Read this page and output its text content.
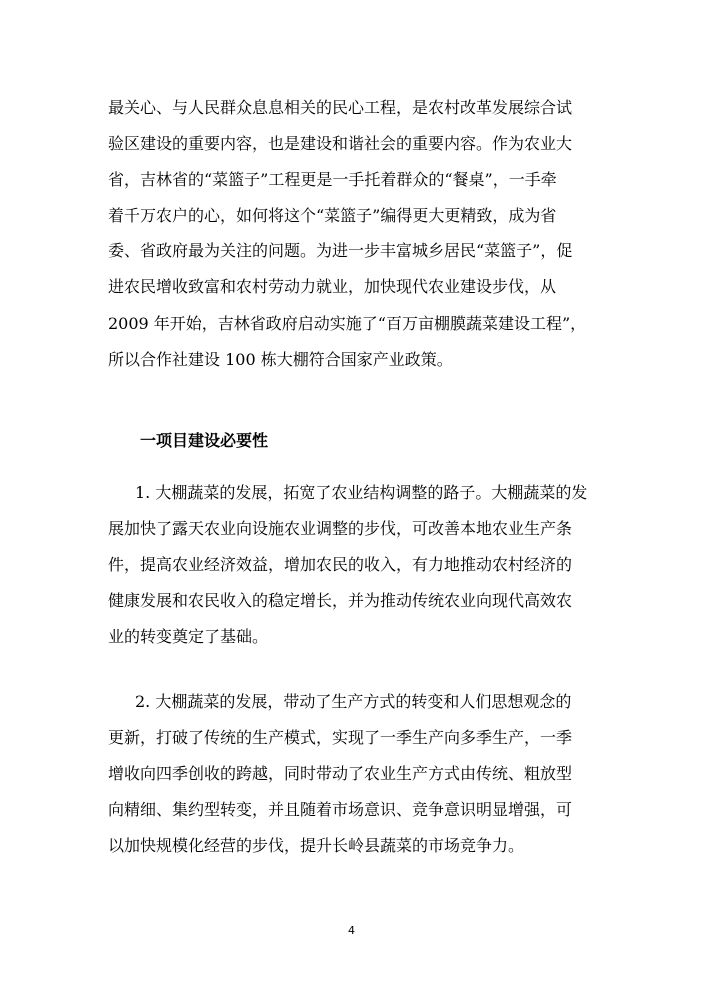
最关心、与人民群众息息相关的民心工程，是农村改革发展综合试
验区建设的重要内容，也是建设和谐社会的重要内容。作为农业大
省，吉林省的“菜篮子”工程更是一手托着群众的“餐桌”，一手牵
着千万农户的心，如何将这个“菜篮子”编得更大更精致，成为省
委、省政府最为关注的问题。为进一步丰富城乡居民“菜篮子”，促
进农民增收致富和农村劳动力就业，加快现代农业建设步伐，从
2009 年开始，吉林省政府启动实施了“百万亩棚膜蔬菜建设工程”，
所以合作社建设 100 栋大棚符合国家产业政策。
一项目建设必要性
1. 大棚蔬菜的发展，拓宽了农业结构调整的路子。大棚蔬菜的发
展加快了露天农业向设施农业调整的步伐，可改善本地农业生产条
件，提高农业经济效益，增加农民的收入，有力地推动农村经济的
健康发展和农民收入的稳定增长，并为推动传统农业向现代高效农
业的转变奠定了基础。
2. 大棚蔬菜的发展，带动了生产方式的转变和人们思想观念的
更新，打破了传统的生产模式，实现了一季生产向多季生产，一季
增收向四季创收的跨越，同时带动了农业生产方式由传统、粗放型
向精细、集约型转变，并且随着市场意识、竞争意识明显增强，可
以加快规模化经营的步伐，提升长岭县蔬菜的市场竞争力。
4
